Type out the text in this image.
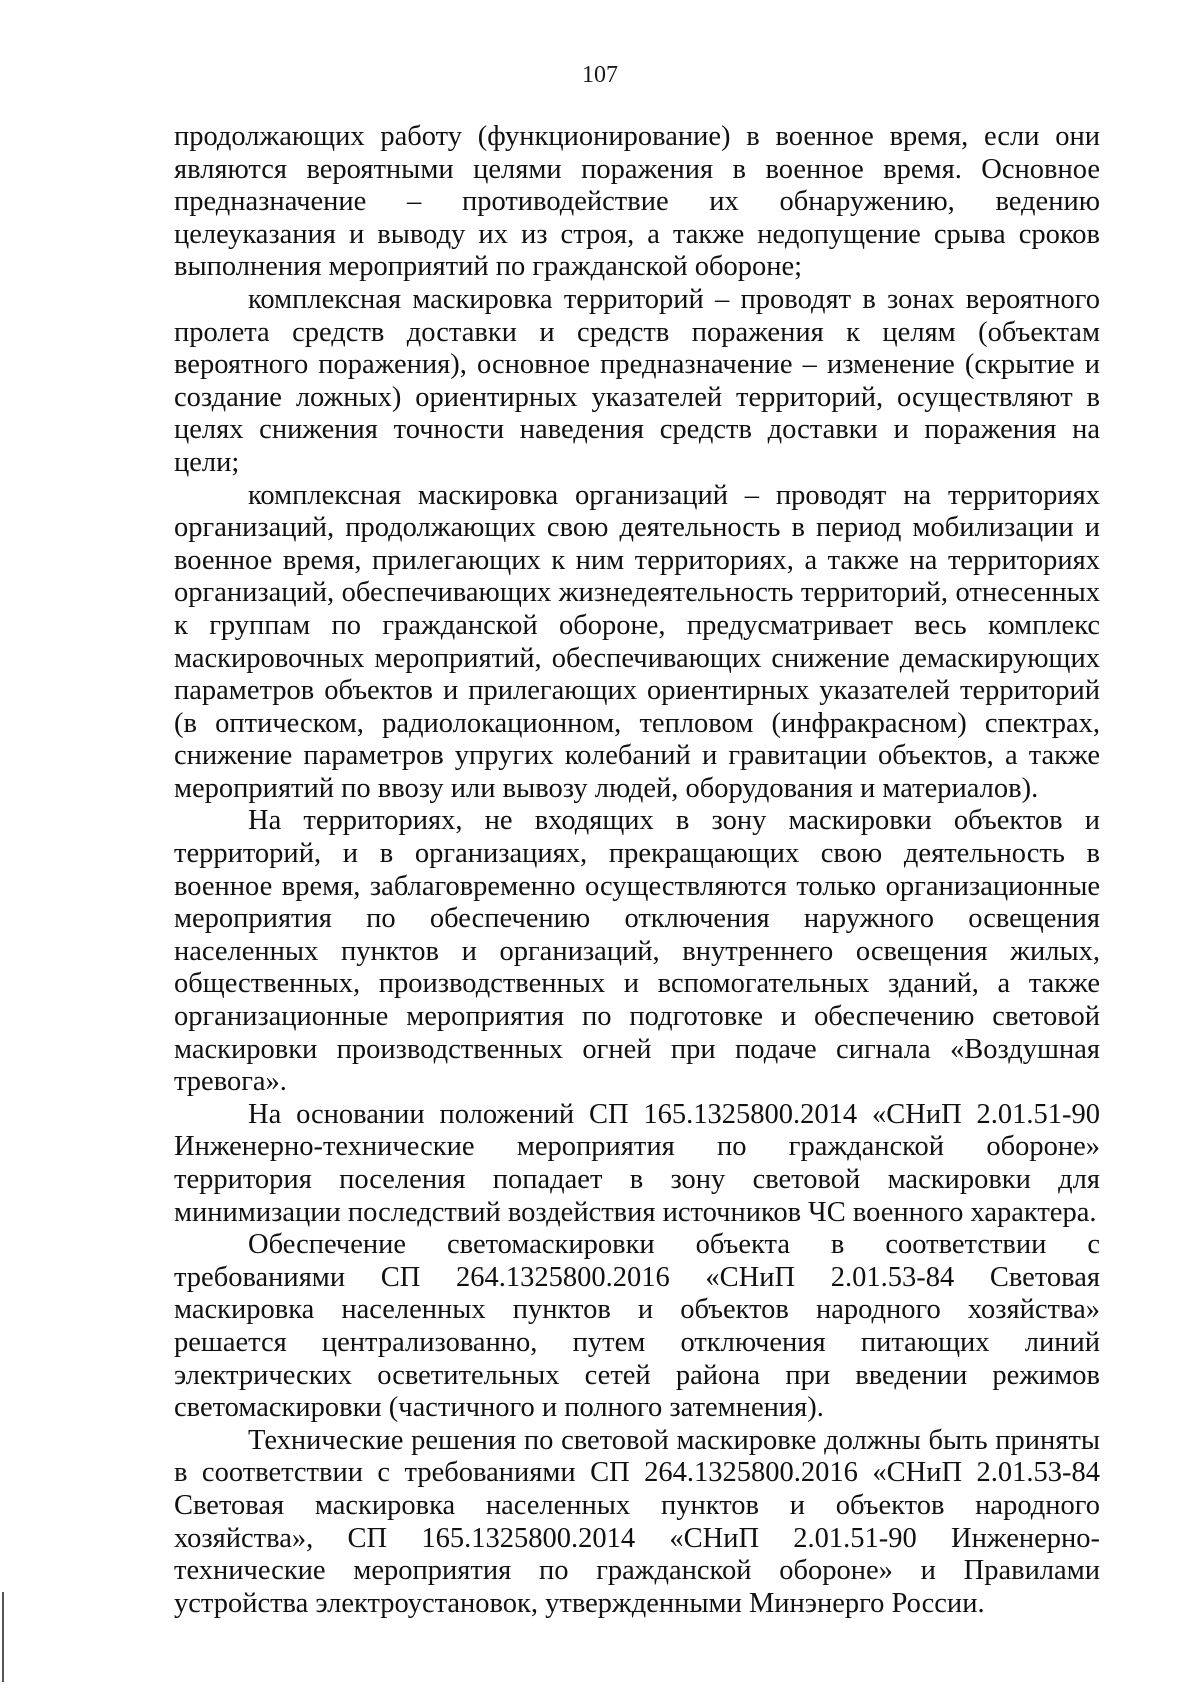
107

продолжающих работу (функционирование) в военное время, если они являются вероятными целями поражения в военное время. Основное предназначение – противодействие их обнаружению, ведению целеуказания и выводу их из строя, а также недопущение срыва сроков выполнения мероприятий по гражданской обороне;

комплексная маскировка территорий – проводят в зонах вероятного пролета средств доставки и средств поражения к целям (объектам вероятного поражения), основное предназначение – изменение (скрытие и создание ложных) ориентирных указателей территорий, осуществляют в целях снижения точности наведения средств доставки и поражения на цели;

комплексная маскировка организаций – проводят на территориях организаций, продолжающих свою деятельность в период мобилизации и военное время, прилегающих к ним территориях, а также на территориях организаций, обеспечивающих жизнедеятельность территорий, отнесенных к группам по гражданской обороне, предусматривает весь комплекс маскировочных мероприятий, обеспечивающих снижение демаскирующих параметров объектов и прилегающих ориентирных указателей территорий (в оптическом, радиолокационном, тепловом (инфракрасном) спектрах, снижение параметров упругих колебаний и гравитации объектов, а также мероприятий по ввозу или вывозу людей, оборудования и материалов).

На территориях, не входящих в зону маскировки объектов и территорий, и в организациях, прекращающих свою деятельность в военное время, заблаговременно осуществляются только организационные мероприятия по обеспечению отключения наружного освещения населенных пунктов и организаций, внутреннего освещения жилых, общественных, производственных и вспомогательных зданий, а также организационные мероприятия по подготовке и обеспечению световой маскировки производственных огней при подаче сигнала «Воздушная тревога».

На основании положений СП 165.1325800.2014 «СНиП 2.01.51-90 Инженерно-технические мероприятия по гражданской обороне» территория поселения попадает в зону световой маскировки для минимизации последствий воздействия источников ЧС военного характера.

Обеспечение светомаскировки объекта в соответствии с требованиями СП 264.1325800.2016 «СНиП 2.01.53-84 Световая маскировка населенных пунктов и объектов народного хозяйства» решается централизованно, путем отключения питающих линий электрических осветительных сетей района при введении режимов светомаскировки (частичного и полного затемнения).

Технические решения по световой маскировке должны быть приняты в соответствии с требованиями СП 264.1325800.2016 «СНиП 2.01.53-84 Световая маскировка населенных пунктов и объектов народного хозяйства», СП 165.1325800.2014 «СНиП 2.01.51-90 Инженерно-технические мероприятия по гражданской обороне» и Правилами устройства электроустановок, утвержденными Минэнерго России.
